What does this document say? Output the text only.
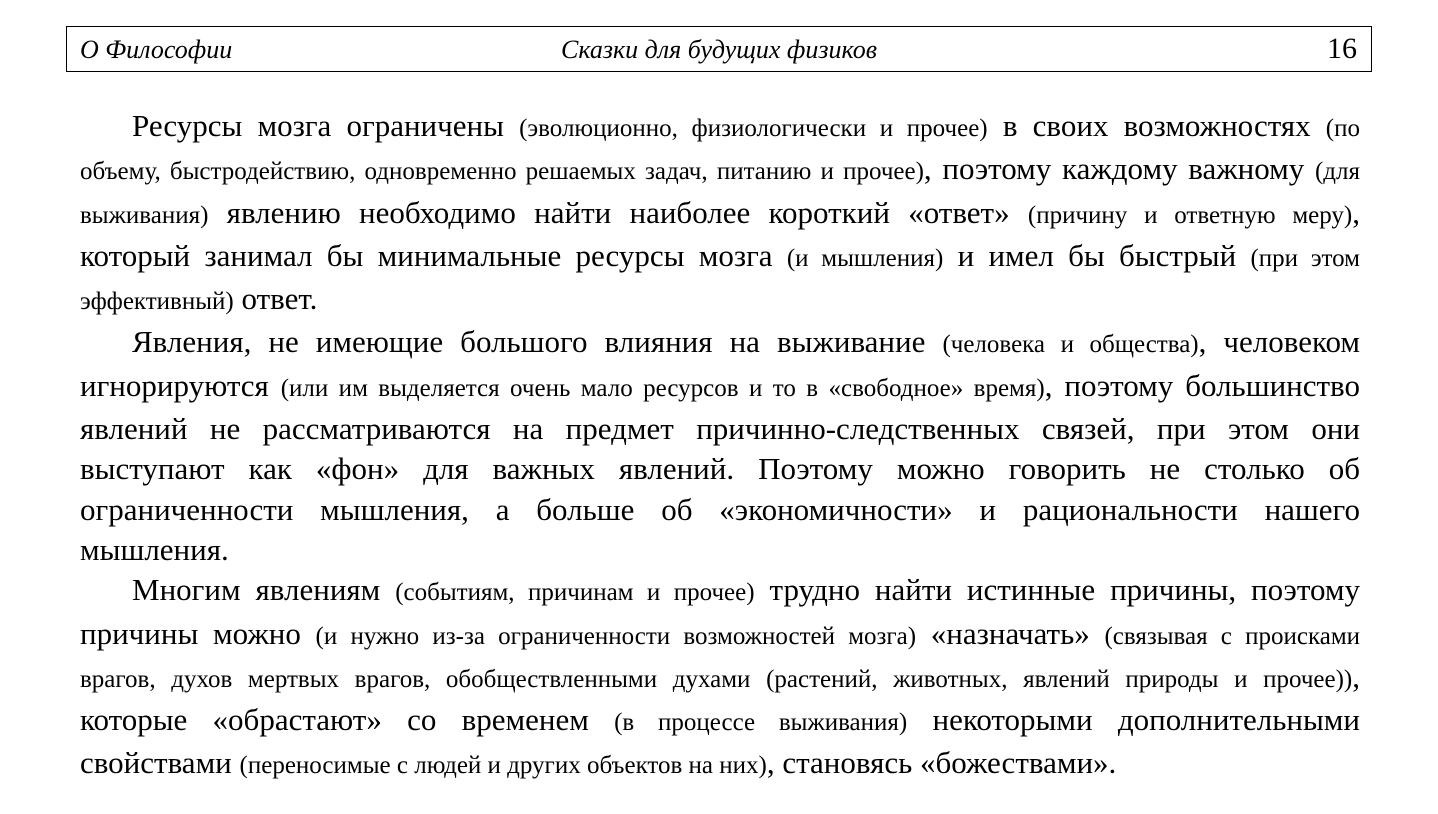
О Философии	Сказки для будущих физиков	16

Ресурсы мозга ограничены (эволюционно, физиологически и прочее) в своих возможностях (по объему, быстродействию, одновременно решаемых задач, питанию и прочее), поэтому каждому важному (для выживания) явлению необходимо найти наиболее короткий «ответ» (причину и ответную меру), который занимал бы минимальные ресурсы мозга (и мышления) и имел бы быстрый (при этом эффективный) ответ.

Явления, не имеющие большого влияния на выживание (человека и общества), человеком игнорируются (или им выделяется очень мало ресурсов и то в «свободное» время), поэтому большинство явлений не рассматриваются на предмет причинно-следственных связей, при этом они выступают как «фон» для важных явлений. Поэтому можно говорить не столько об ограниченности мышления, а больше об «экономичности» и рациональности нашего мышления.

Многим явлениям (событиям, причинам и прочее) трудно найти истинные причины, поэтому причины можно (и нужно из-за ограниченности возможностей мозга) «назначать» (связывая с происками врагов, духов мертвых врагов, обобществленными духами (растений, животных, явлений природы и прочее)), которые «обрастают» со временем (в процессе выживания) некоторыми дополнительными свойствами (переносимые с людей и других объектов на них), становясь «божествами».
